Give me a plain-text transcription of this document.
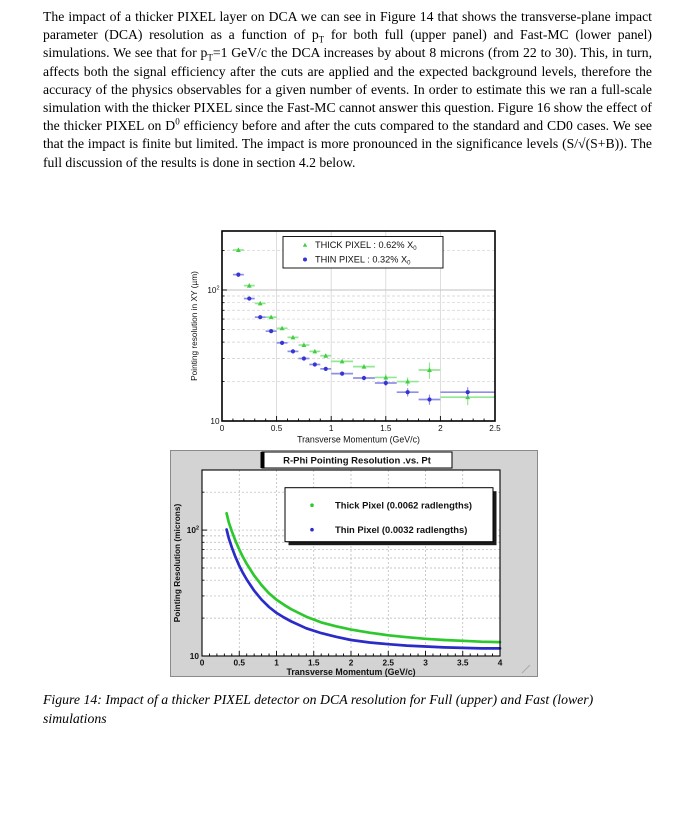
The impact of a thicker PIXEL layer on DCA we can see in Figure 14 that shows the transverse-plane impact parameter (DCA) resolution as a function of $p_T$ for both full (upper panel) and Fast-MC (lower panel) simulations. We see that for $p_T=1$ GeV/c the DCA increases by about 8 microns (from 22 to 30). This, in turn, affects both the signal efficiency after the cuts are applied and the expected background levels, therefore the accuracy of the physics observables for a given number of events. In order to estimate this we ran a full-scale simulation with the thicker PIXEL since the Fast-MC cannot answer this question. Figure 16 show the effect of the thicker PIXEL on $D^0$ efficiency before and after the cuts compared to the standard and CD0 cases. We see that the impact is finite but limited. The impact is more pronounced in the significance levels (S/√(S+B)). The full discussion of the results is done in section 4.2 below.

0	0.5	1	1.5	2	2.5
10
$10^2$
Transverse Momentum (GeV/c)
Pointing resolution in XY (µm)
THICK PIXEL : 0.62% $X_0$
THIN PIXEL : 0.32% $X_0$
0	0.5	1	1.5	2	2.5	3	3.5	4
10
$10^2$
Transverse Momentum (GeV/c)
Pointing Resolution (microns)
R-Phi Pointing Resolution .vs. Pt
Thick Pixel (0.0062 radlengths)
Thin Pixel (0.0032 radlengths)

Figure 14: Impact of a thicker PIXEL detector on DCA resolution for Full (upper) and Fast (lower) simulations
